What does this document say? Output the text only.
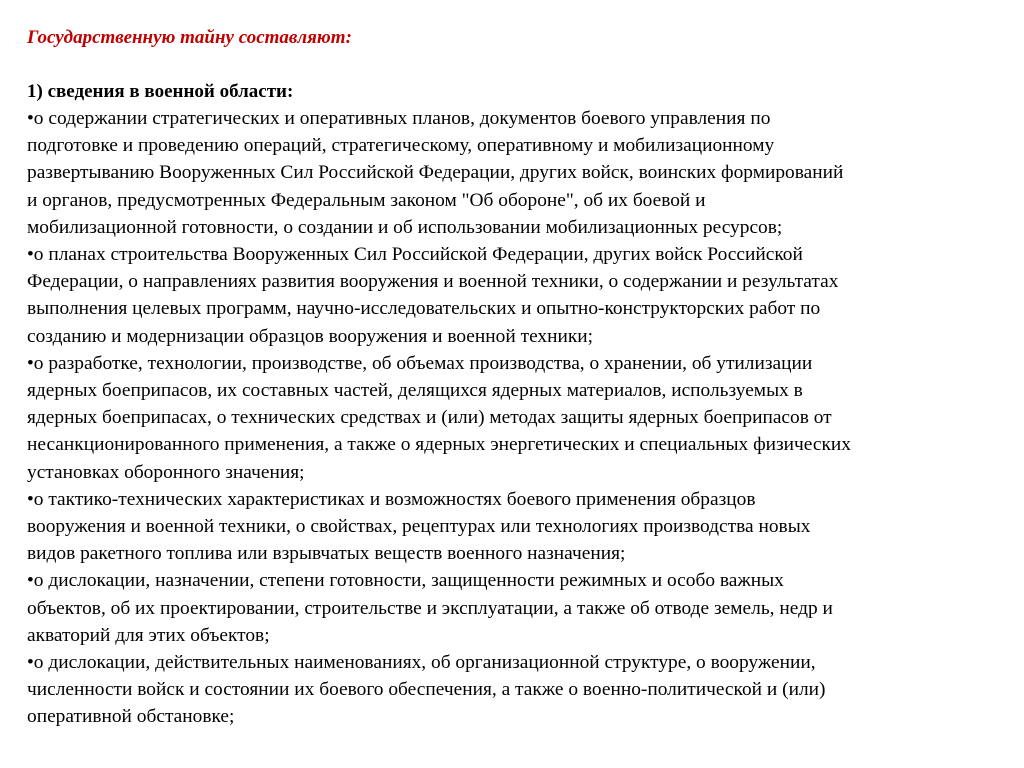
Государственную тайну составляют:

1) сведения в военной области:

•о содержании стратегических и оперативных планов, документов боевого управления по
подготовке и проведению операций, стратегическому, оперативному и мобилизационному
развертыванию Вооруженных Сил Российской Федерации, других войск, воинских формирований
и органов, предусмотренных Федеральным законом "Об обороне", об их боевой и
мобилизационной готовности, о создании и об использовании мобилизационных ресурсов;

•о планах строительства Вооруженных Сил Российской Федерации, других войск Российской
Федерации, о направлениях развития вооружения и военной техники, о содержании и результатах
выполнения целевых программ, научно-исследовательских и опытно-конструкторских работ по
созданию и модернизации образцов вооружения и военной техники;

•о разработке, технологии, производстве, об объемах производства, о хранении, об утилизации
ядерных боеприпасов, их составных частей, делящихся ядерных материалов, используемых в
ядерных боеприпасах, о технических средствах и (или) методах защиты ядерных боеприпасов от
несанкционированного применения, а также о ядерных энергетических и специальных физических
установках оборонного значения;

•о тактико-технических характеристиках и возможностях боевого применения образцов
вооружения и военной техники, о свойствах, рецептурах или технологиях производства новых
видов ракетного топлива или взрывчатых веществ военного назначения;

•о дислокации, назначении, степени готовности, защищенности режимных и особо важных
объектов, об их проектировании, строительстве и эксплуатации, а также об отводе земель, недр и
акваторий для этих объектов;

•о дислокации, действительных наименованиях, об организационной структуре, о вооружении,
численности войск и состоянии их боевого обеспечения, а также о военно-политической и (или)
оперативной обстановке;
